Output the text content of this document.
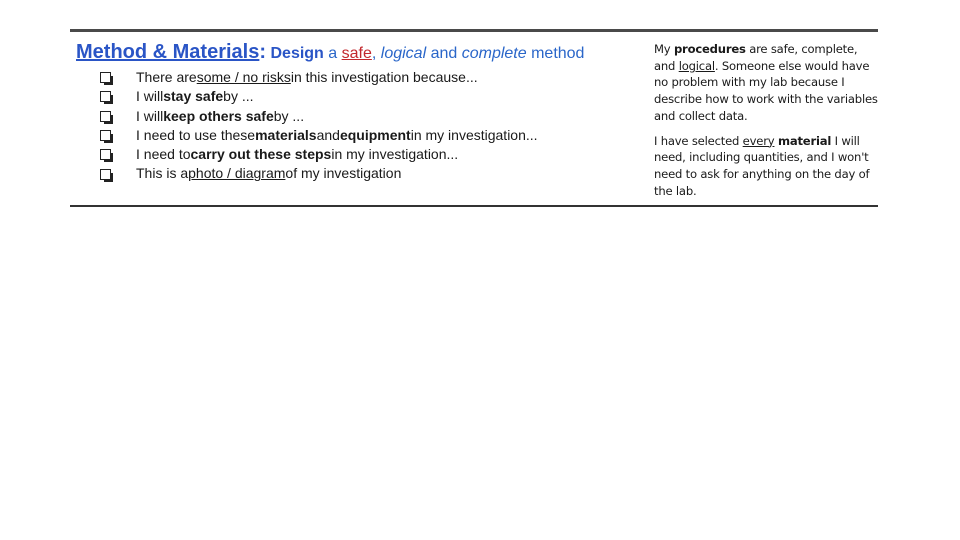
Method & Materials: Design a safe, logical and complete method
There are some / no risks in this investigation because...
I will stay safe by ...
I will keep others safe by ...
I need to use these materials and equipment in my investigation...
I need to carry out these steps in my investigation...
This is a photo / diagram of my investigation

My procedures are safe, complete, and logical. Someone else would have no problem with my lab because I describe how to work with the variables and collect data.

I have selected every material I will need, including quantities, and I won't need to ask for anything on the day of the lab.
